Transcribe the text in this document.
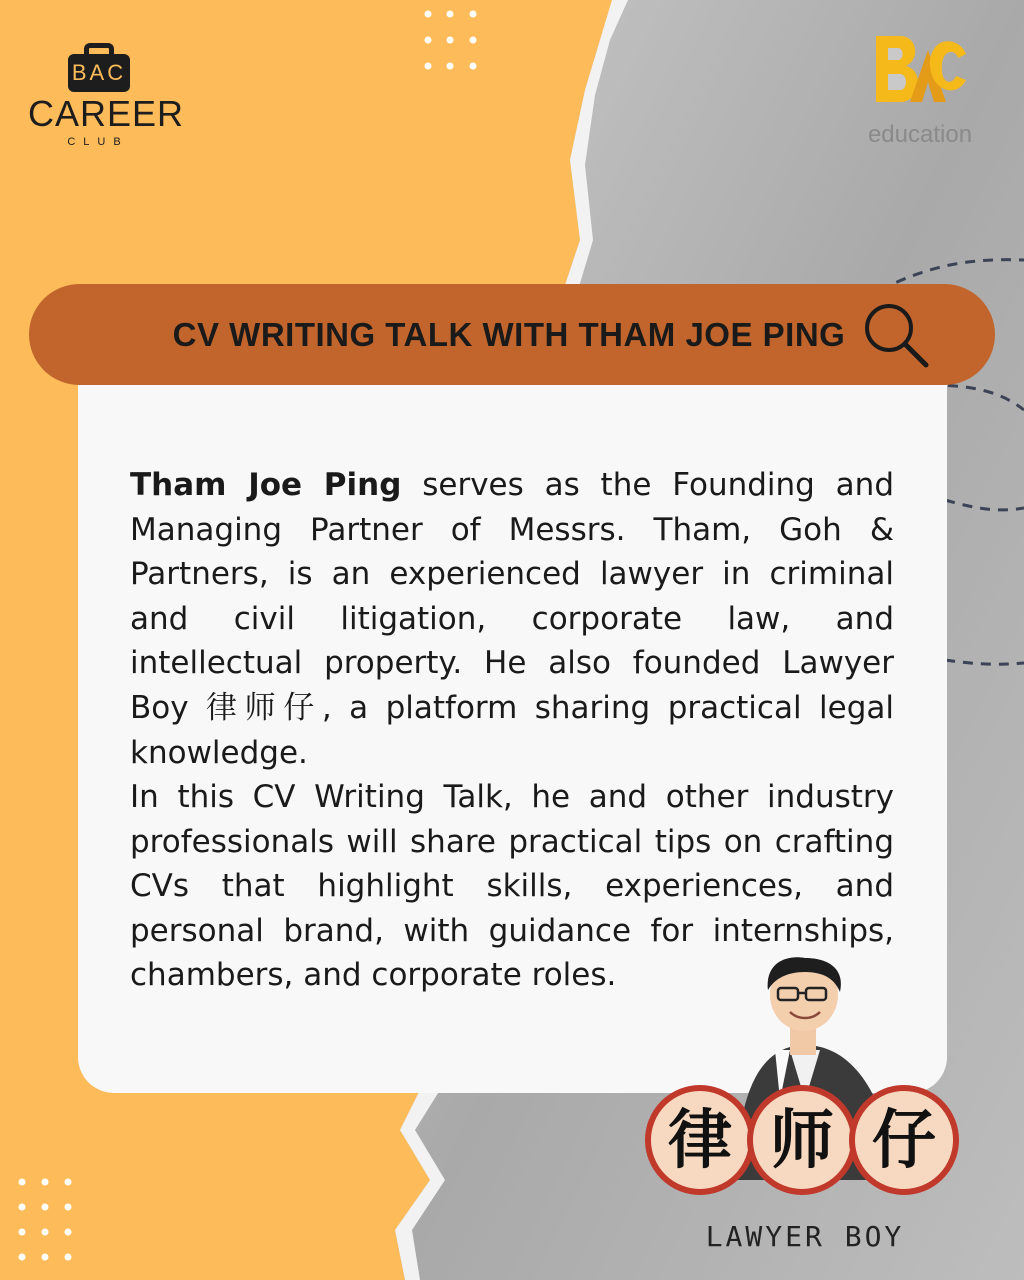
BAC
CAREER
CLUB	education
CV WRITING TALK WITH THAM JOE PING

Tham Joe Ping serves as the Founding and Managing Partner of Messrs. Tham, Goh & Partners, is an experienced lawyer in criminal and civil litigation, corporate law, and intellectual property. He also founded Lawyer Boy 律师仔, a platform sharing practical legal knowledge.

In this CV Writing Talk, he and other industry professionals will share practical tips on crafting CVs that highlight skills, experiences, and personal brand, with guidance for internships, chambers, and corporate roles.

律 师 仔
LAWYER BOY
